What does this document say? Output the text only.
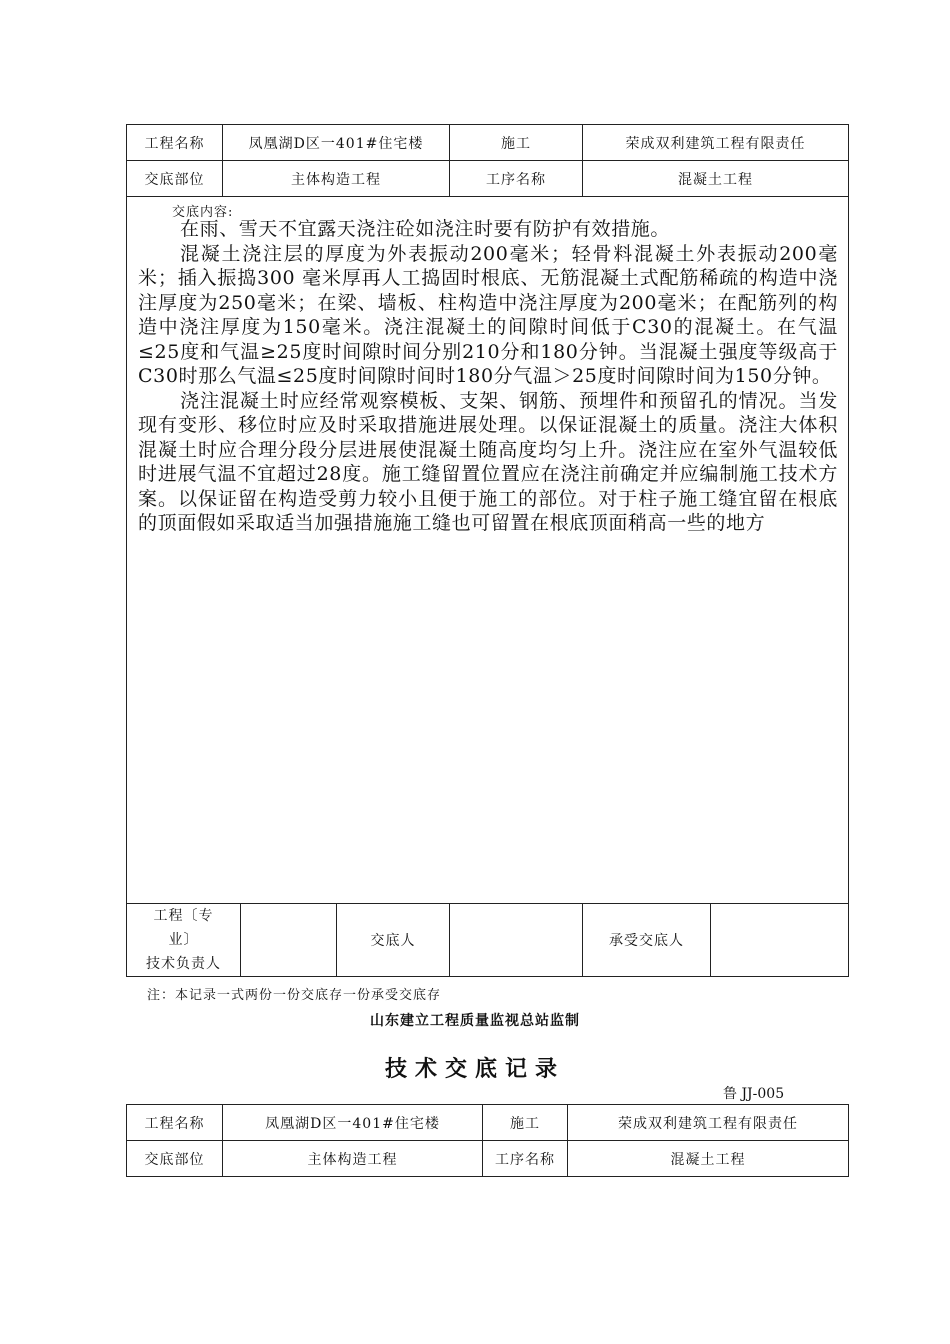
工程名称	凤凰湖D区一401#住宅楼			施工	荣成双利建筑工程有限责任	
交底部位	主体构造工程			工序名称	混凝土工程	

交底内容:

在雨、雪天不宜露天浇注砼如浇注时要有防护有效措施。

混凝土浇注层的厚度为外表振动200毫米；轻骨料混凝土外表振动200毫米；插入振捣300 毫米厚再人工捣固时根底、无筋混凝土式配筋稀疏的构造中浇注厚度为250毫米；在梁、墙板、柱构造中浇注厚度为200毫米；在配筋列的构造中浇注厚度为150毫米。浇注混凝土的间隙时间低于C30的混凝土。在气温≤25度和气温≥25度时间隙时间分别210分和180分钟。当混凝土强度等级高于C30时那么气温≤25度时间隙时间时180分气温＞25度时间隙时间为150分钟。

浇注混凝土时应经常观察模板、支架、钢筋、预埋件和预留孔的情况。当发现有变形、移位时应及时采取措施进展处理。以保证混凝土的质量。浇注大体积混凝土时应合理分段分层进展使混凝土随高度均匀上升。浇注应在室外气温较低时进展气温不宜超过28度。施工缝留置位置应在浇注前确定并应编制施工技术方案。以保证留在构造受剪力较小且便于施工的部位。对于柱子施工缝宜留在根底的顶面假如采取适当加强措施施工缝也可留置在根底顶面稍高一些的地方						

工程〔专
业〕
技术负责人			交底人		承受交底人	
注：本记录一式两份一份交底存一份承受交底存
山东建立工程质量监视总站监制
技术交底记录
鲁 JJ-005
工程名称	凤凰湖D区一401#住宅楼	施工	荣成双利建筑工程有限责任
交底部位	主体构造工程	工序名称	混凝土工程
